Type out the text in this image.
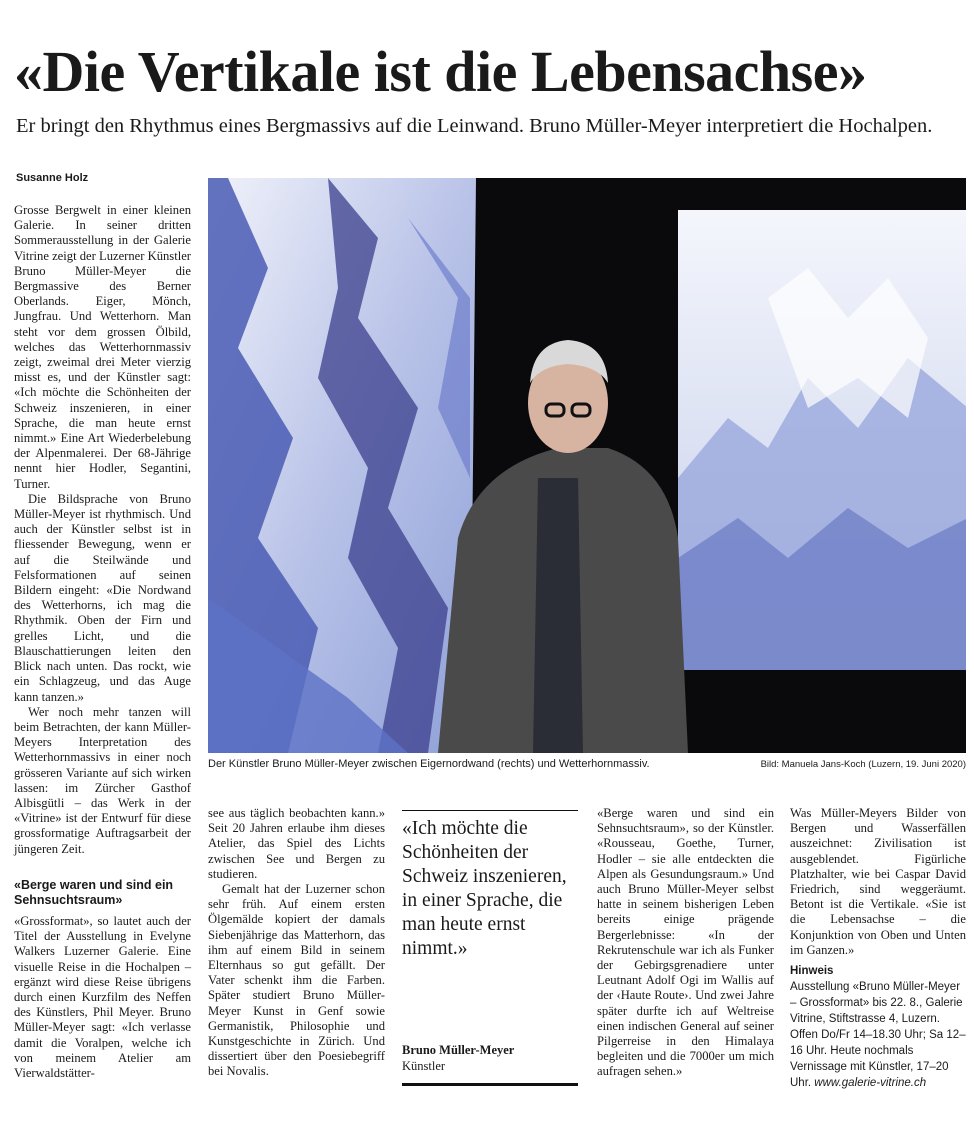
«Die Vertikale ist die Lebensachse»
Er bringt den Rhythmus eines Bergmassivs auf die Leinwand. Bruno Müller-Meyer interpretiert die Hochalpen.
Susanne Holz

Grosse Bergwelt in einer kleinen Galerie. In seiner dritten Sommerausstellung in der Galerie Vitrine zeigt der Luzerner Künstler Bruno Müller-Meyer die Bergmassive des Berner Oberlands. Eiger, Mönch, Jungfrau. Und Wetterhorn. Man steht vor dem grossen Ölbild, welches das Wetterhornmassiv zeigt, zweimal drei Meter vierzig misst es, und der Künstler sagt: «Ich möchte die Schönheiten der Schweiz inszenieren, in einer Sprache, die man heute ernst nimmt.» Eine Art Wiederbelebung der Alpenmalerei. Der 68-Jährige nennt hier Hodler, Segantini, Turner.

Die Bildsprache von Bruno Müller-Meyer ist rhythmisch. Und auch der Künstler selbst ist in fliessender Bewegung, wenn er auf die Steilwände und Felsformationen auf seinen Bildern eingeht: «Die Nordwand des Wetterhorns, ich mag die Rhythmik. Oben der Firn und grelles Licht, und die Blauschattierungen leiten den Blick nach unten. Das rockt, wie ein Schlagzeug, und das Auge kann tanzen.»

Wer noch mehr tanzen will beim Betrachten, der kann Müller-Meyers Interpretation des Wetterhornmassivs in einer noch grösseren Variante auf sich wirken lassen: im Zürcher Gasthof Albisgütli – das Werk in der «Vitrine» ist der Entwurf für diese grossformatige Auftragsarbeit der jüngeren Zeit.

«Berge waren und sind ein Sehnsuchtsraum»

«Grossformat», so lautet auch der Titel der Ausstellung in Evelyne Walkers Luzerner Galerie. Eine visuelle Reise in die Hochalpen – ergänzt wird diese Reise übrigens durch einen Kurzfilm des Neffen des Künstlers, Phil Meyer. Bruno Müller-Meyer sagt: «Ich verlasse damit die Voralpen, welche ich von meinem Atelier am Vierwaldstätter-

Der Künstler Bruno Müller-Meyer zwischen Eigernordwand (rechts) und Wetterhornmassiv.	Bild: Manuela Jans-Koch (Luzern, 19. Juni 2020)

see aus täglich beobachten kann.» Seit 20 Jahren erlaube ihm dieses Atelier, das Spiel des Lichts zwischen See und Bergen zu studieren.

Gemalt hat der Luzerner schon sehr früh. Auf einem ersten Ölgemälde kopiert der damals Siebenjährige das Matterhorn, das ihm auf einem Bild in seinem Elternhaus so gut gefällt. Der Vater schenkt ihm die Farben. Später studiert Bruno Müller-Meyer Kunst in Genf sowie Germanistik, Philosophie und Kunstgeschichte in Zürich. Und dissertiert über den Poesiebegriff bei Novalis.

«Ich möchte die Schönheiten der Schweiz inszenieren, in einer Sprache, die man heute ernst nimmt.»
Bruno Müller-Meyer
Künstler

«Berge waren und sind ein Sehnsuchtsraum», so der Künstler. «Rousseau, Goethe, Turner, Hodler – sie alle entdeckten die Alpen als Gesundungsraum.» Und auch Bruno Müller-Meyer selbst hatte in seinem bisherigen Leben bereits einige prägende Bergerlebnisse: «In der Rekrutenschule war ich als Funker der Gebirgsgrenadiere unter Leutnant Adolf Ogi im Wallis auf der ‹Haute Route›. Und zwei Jahre später durfte ich auf Weltreise einen indischen General auf seiner Pilgerreise in den Himalaya begleiten und die 7000er um mich aufragen sehen.»

Was Müller-Meyers Bilder von Bergen und Wasserfällen auszeichnet: Zivilisation ist ausgeblendet. Figürliche Platzhalter, wie bei Caspar David Friedrich, sind weggeräumt. Betont ist die Vertikale. «Sie ist die Lebensachse – die Konjunktion von Oben und Unten im Ganzen.»

Hinweis
Ausstellung «Bruno Müller-Meyer – Grossformat» bis 22. 8., Galerie Vitrine, Stiftstrasse 4, Luzern. Offen Do/Fr 14–18.30 Uhr; Sa 12–16 Uhr. Heute nochmals Vernissage mit Künstler, 17–20 Uhr. www.galerie-vitrine.ch
